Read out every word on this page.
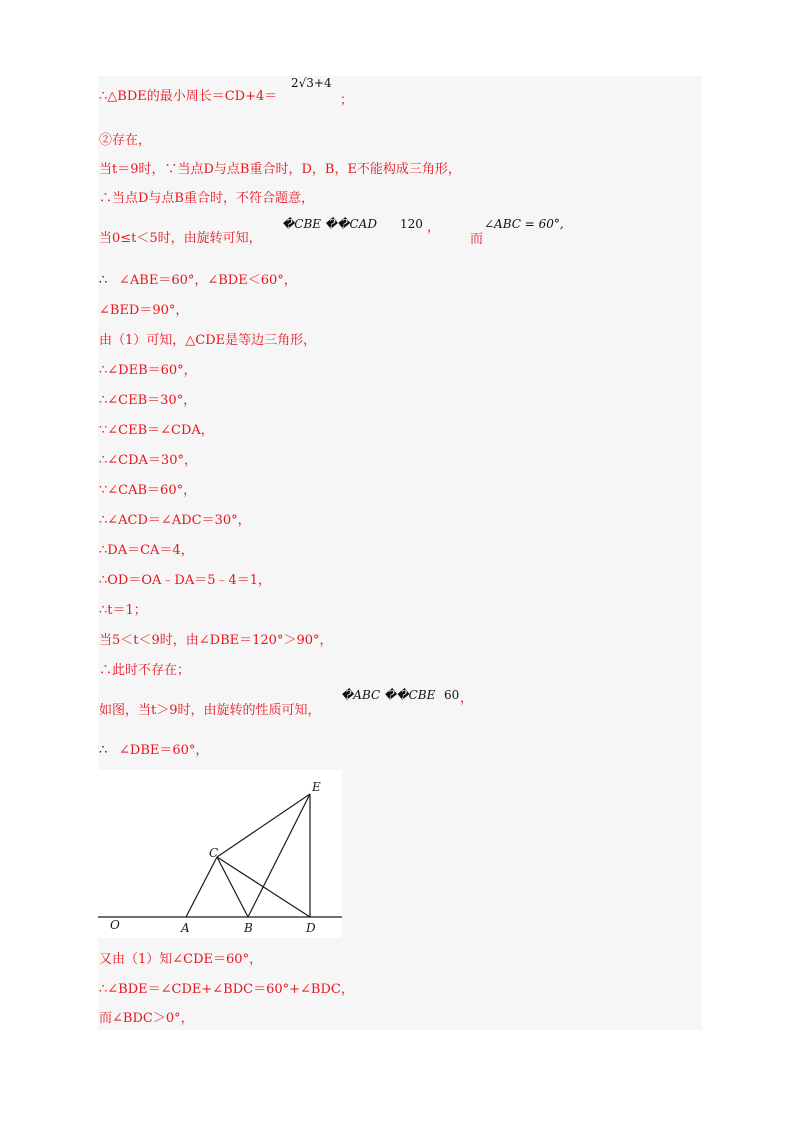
∴△BDE的最小周长＝CD+4＝
2√3+4
；
②存在，
当t＝9时，∵当点D与点B重合时，D，B，E不能构成三角形，
∴当点D与点B重合时，不符合题意，
当0≤t＜5时，由旋转可知，
�CBE ��CAD 120 ，
而
∠ABC = 60°,
∴ ∠ABE＝60°，∠BDE＜60°，
∠BED＝90°，
由（1）可知，△CDE是等边三角形，
∴∠DEB＝60°，
∴∠CEB＝30°，
∵∠CEB＝∠CDA，
∴∠CDA＝30°，
∵∠CAB＝60°，
∴∠ACD＝∠ADC＝30°，
∴DA＝CA＝4，
∴OD＝OA﹣DA＝5﹣4＝1，
∴t＝1；
当5＜t＜9时，由∠DBE＝120°＞90°，
∴此时不存在；
如图，当t＞9时，由旋转的性质可知，
�ABC ��CBE 60 ，
∴ ∠DBE＝60°，
O	A	B	D
C
E
又由（1）知∠CDE＝60°，
∴∠BDE＝∠CDE+∠BDC＝60°+∠BDC，
而∠BDC＞0°，
